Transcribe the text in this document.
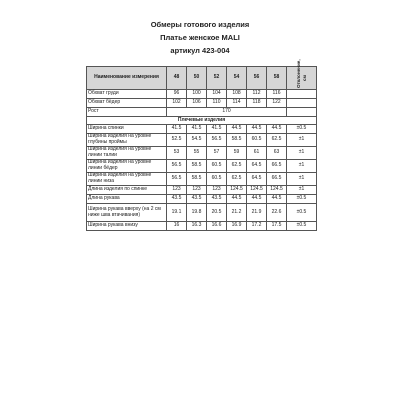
Обмеры готового изделия
Платье женское MALI
артикул 423-004
Наименование измерения	48	50	52	54	56	58	Отклонение, см
Обхват груди	96	100	104	108	112	116	
Обхват бёдер	102	106	110	114	118	122	
Рост	170						
Плечевые изделия							
Ширина спинки	41.5	41.5	41.5	44.5	44.5	44.5	±0.5
Ширина изделия на уровне глубины проймы	52.5	54.5	56.5	58.5	60.5	62.5	±1
Ширина изделия на уровне линии талии	53	55	57	59	61	63	±1
Ширина изделия на уровне линии бёдер	56.5	58.5	60.5	62.5	64.5	66.5	±1
Ширина изделия на уровне линии низа	56.5	58.5	60.5	62.5	64.5	66.5	±1
Длина изделия по спинке	123	123	123	124.5	124.5	124.5	±1
Длина рукава	43.5	43.5	43.5	44.5	44.5	44.5	±0.5
Ширина рукава вверху (на 2 см ниже шва втачивания)	19.1	19.8	20.5	21.2	21.9	22.6	±0.5
Ширина рукава внизу	16	16.3	16.6	16.9	17.2	17.5	±0.5
